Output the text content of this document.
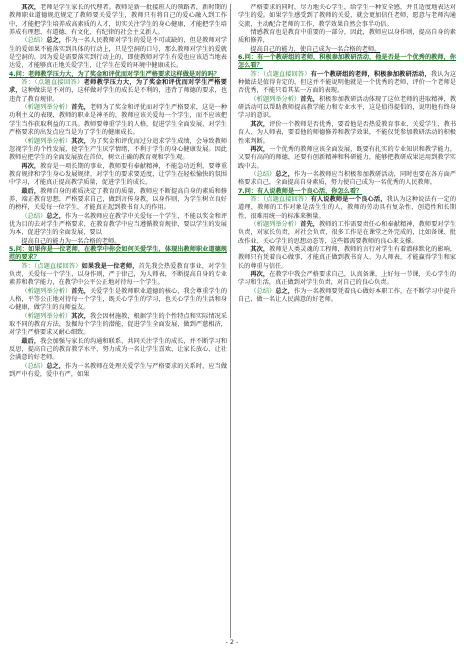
其次，老师是学生家长的代理者。教师是新一批接班人的领路者，新时期的教师职业道德规范规定了教师要关爱学生，教师只有将自己的爱心融入到工作中，才能把学生培养成高素质的人才，切实关注学生的身心健康，才能把学生培养成有理想、有道德、有文化、有纪律的社会主义新人。

（总结）总之，作为一名人民教师对学生的爱是不可或缺的，但是教师对学生的爱如果不能落实到具体的行动上，只是空洞的口号，那么教师对学生的爱就是空洞的，因为爱是需要落实到行动上的，即使教师对学生有爱也应该适当地表达爱，才能够真正地关爱学生，让学生在爱的环境中健康成长。

4.问：老师教学压力大，为了奖金和评优而对学生严格要求这样做是对的吗？

答：（点题直接回答）老师教学压力大，为了奖金和评优而对学生严格要求，这种做法是不对的，这样做对学生的成长是不利的，违背了师德的要求，也违背了教育规律。

（析题列举分析）首先，老师为了奖金和评优而对学生严格要求，这是一种功利主义的表现，教师的职业是神圣的，教师应该关爱每一个学生，而不应该把学生当作获取利益的工具。教师要尊重学生的人格，促进学生全面发展，对学生严格要求的出发点应当是为了学生的健康成长。

（析题列举分析）其次，为了奖金和评优而过分追求学生成绩，会导致教师忽视学生的个性发展，使学生产生厌学情绪，不利于学生的身心健康发展。因此教师应把学生的全面发展放在首位，树立正确的教育观和学生观。

再次，教育是一项长期的事业，教师要有奉献精神，不能急功近利，要尊重教育规律和学生身心发展规律，对学生的要求要适度，让学生在轻松愉快的氛围中学习，才能真正提高教学质量，促进学生的成长。

最后，教师自身的素质决定了教育的质量，教师应不断提高自身的素质和修养，端正教育思想，严格要求自己，做到言传身教，以身作则，为学生树立良好的榜样，关爱每一位学生，才能真正起到教书育人的作用。

（总结）总之，作为一名教师应在教学中关爱每一个学生，不能以奖金和评优为目的去对学生严格要求，在教育教学中应当遵循教育规律，要以学生的发展为本，促进学生的全面发展，要以

提高自己的能力为一名合格的老师。

5.问：如果你是一位老师，在教学中你会如何关爱学生，体现出教师职业道德规范的要求？

答：（点题直接回答）如果我是一位老师，首先我会热爱教育事业，对学生负责，关爱每一个学生，以身作则，严于律己，为人师表，不断提高自身的专业素养和教学能力，在教学中公平公正地对待每一个学生。

（析题列举分析）首先，关爱学生是教师职业道德的核心，我会尊重学生的人格，平等公正地对待每一个学生，既关心学生的学习，也关心学生的生活和身心健康，做学生的良师益友。

（析题列举分析）其次，我会因材施教，根据学生的个性特点和实际情况采取不同的教育方法，发掘每个学生的潜能，促进学生全面发展，做到严慈相济，对学生严格要求又耐心细致。

最后，我会加强与家长的沟通和联系，共同关注学生的成长，并不断学习和反思，提高自己的教育教学水平，努力成为一名让学生喜欢、让家长放心、让社会满意的好老师。

（总结）总之，作为一名教师在处理关爱学生与严格要求的关系时，应当做到严中有爱，爱中有严，如果

严格要求的同时，尽力地关心学生，给学生一种安全感，并且适度地表达对学生的爱。如果学生感受到了教师的关爱，就会更加信任老师，愿意与老师沟通交流，主动配合老师的工作，教学效果自然会事半功倍。

情感教育也是教育中重要的一部分，因此，教师应以身作则，提高自身的素质和修养，

提高自己的能力，使自己成为一名合格的老师。

6.问：有一个教研组的老师，积极参加教研活动，他是否是一个优秀的教师，你怎么看？

答：（点题直接回答）有一个教研组的老师，积极参加教研活动，我认为这种做法是值得肯定的，但这并不能说明他就是一个优秀的老师，评价一个老师是否优秀，不能只看其某一方面的表现。

（析题列举分析）首先，积极参加教研活动体现了这位老师的进取精神，教研活动可以帮助教师提高教学能力和专业水平，这是值得提倡的，说明他有终身学习的意识。

其次，评价一个教师是否优秀，要看他是否热爱教育事业、关爱学生、教书育人、为人师表，要看他的师德修养和教学效果，不能仅凭参加教研活动的积极性来判断。

再次，一个优秀的教师应该全面发展，既要有扎实的专业知识和教学能力，又要有高尚的师德，还要有创新精神和科研能力，能够把教研成果运用到教学实践中去。

（总结）总之，作为一名教师应当积极参加教研活动，同时也要在各方面严格要求自己，全面提高自身素质，努力使自己成为一名优秀的人民教师。

7.问：有人说教师是一个良心活，你怎么看？

答：（点题直接回答）有人说教师是一个良心活，我认为这种说法有一定的道理，教师的工作对象是活生生的人，教师的劳动具有复杂性、创造性和长期性，很难用统一的标准来衡量。

（析题列举分析）首先，教师的工作需要责任心和奉献精神，教师要对学生负责，对家长负责，对社会负责，很多工作是在课堂之外完成的，比如备课、批改作业、关心学生的思想动态等，这些都需要教师的良心来支撑。

其次，教师是人类灵魂的工程师，教师的言行对学生有着潜移默化的影响，教师只有凭着良心做事，才能真正做到教书育人、为人师表，才能赢得学生和家长的尊重与信任。

再次，在教学中我会严格要求自己，认真备课，上好每一节课，关心学生的学习和生活，真正做到对学生负责，对自己的良心负责。

（总结）总之，作为一名教师要凭着良心做好本职工作，在不断学习中提升自己，做一名让人民满意的好老师。

- 2 -
